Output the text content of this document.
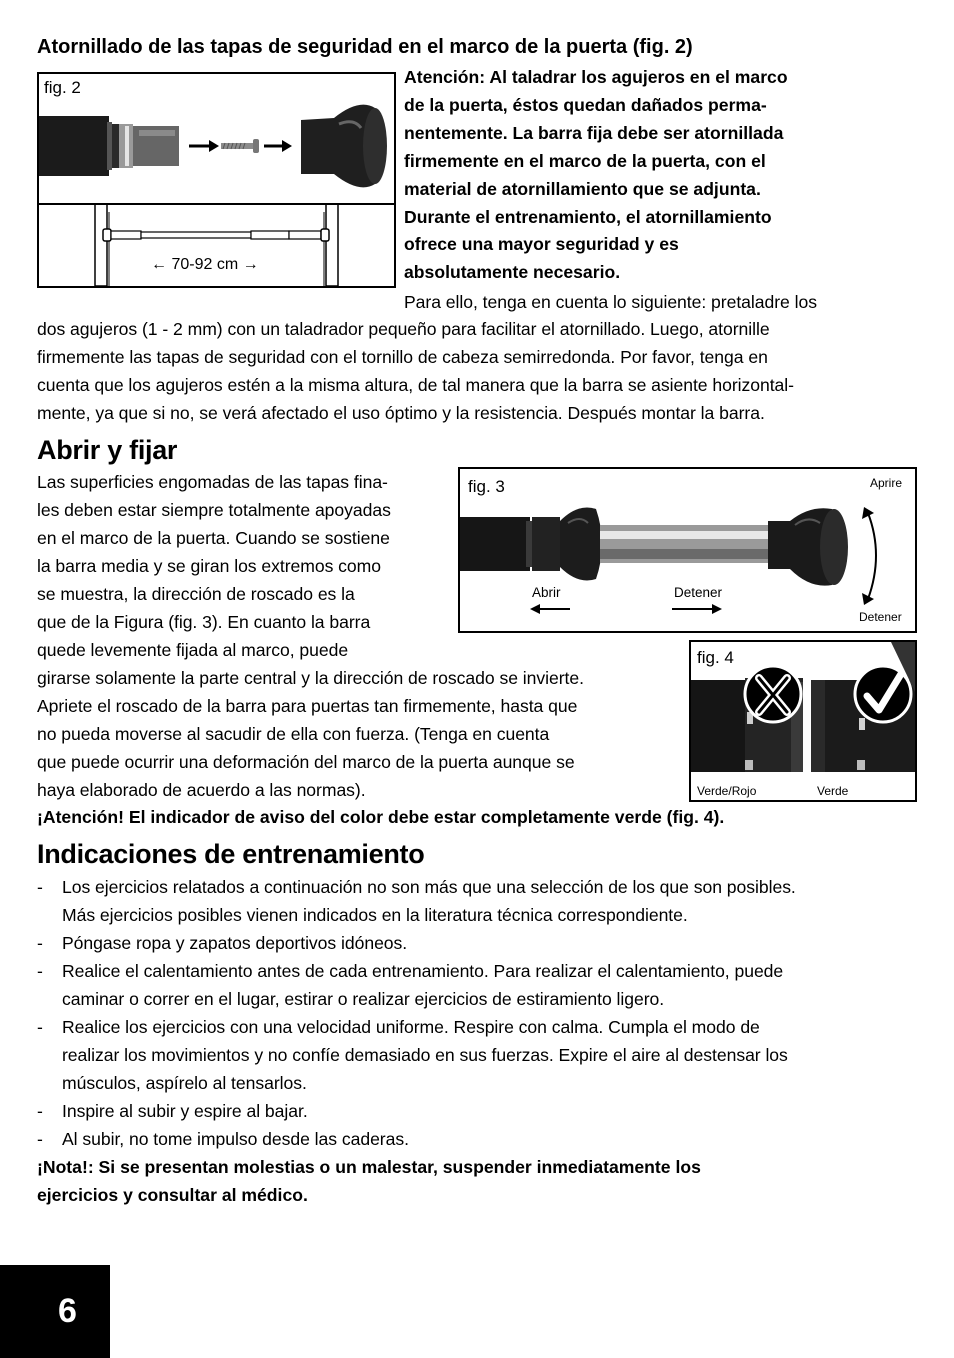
Atornillado de las tapas de seguridad en el marco de la puerta (fig. 2)
fig. 2
← 70-92 cm →

Atención: Al taladrar los agujeros en el marco

de la puerta, éstos quedan dañados perma-

nentemente. La barra fija debe ser atornillada

firmemente en el marco de la puerta, con el

material de atornillamiento que se adjunta.

Durante el entrenamiento, el atornillamiento

ofrece una mayor seguridad y es

absolutamente necesario.

Para ello, tenga en cuenta lo siguiente: pretaladre los

dos agujeros (1 - 2 mm) con un taladrador pequeño para facilitar el atornillado. Luego, atornille

firmemente las tapas de seguridad con el tornillo de cabeza semirredonda. Por favor, tenga en

cuenta que los agujeros estén a la misma altura, de tal manera que la barra se asiente horizontal-

mente, ya que si no, se verá afectado el uso óptimo y la resistencia. Después montar la barra.

Abrir y fijar

Las superficies engomadas de las tapas fina-

les deben estar siempre totalmente apoyadas

en el marco de la puerta. Cuando se sostiene

la barra media y se giran los extremos como

se muestra, la dirección de roscado es la

que de la Figura (fig. 3). En cuanto la barra

quede levemente fijada al marco, puede

girarse solamente la parte central y la dirección de roscado se invierte.

Apriete el roscado de la barra para puertas tan firmemente, hasta que

no pueda moverse al sacudir de ella con fuerza. (Tenga en cuenta

que puede ocurrir una deformación del marco de la puerta aunque se

haya elaborado de acuerdo a las normas).

¡Atención! El indicador de aviso del color debe estar completamente verde (fig. 4).

fig. 3
Abrir	Detener
Aprire
Detener
fig. 4
Verde/Rojo	Verde
Indicaciones de entrenamiento
- Los ejercicios relatados a continuación no son más que una selección de los que son posibles.
Más ejercicios posibles vienen indicados en la literatura técnica correspondiente.
- Póngase ropa y zapatos deportivos idóneos.
- Realice el calentamiento antes de cada entrenamiento. Para realizar el calentamiento, puede
caminar o correr en el lugar, estirar o realizar ejercicios de estiramiento ligero.
- Realice los ejercicios con una velocidad uniforme. Respire con calma. Cumpla el modo de
realizar los movimientos y no confíe demasiado en sus fuerzas. Expire el aire al destensar los
músculos, aspírelo al tensarlos.
- Inspire al subir y espire al bajar.
- Al subir, no tome impulso desde las caderas.

¡Nota!: Si se presentan molestias o un malestar, suspender inmediatamente los

ejercicios y consultar al médico.

6
